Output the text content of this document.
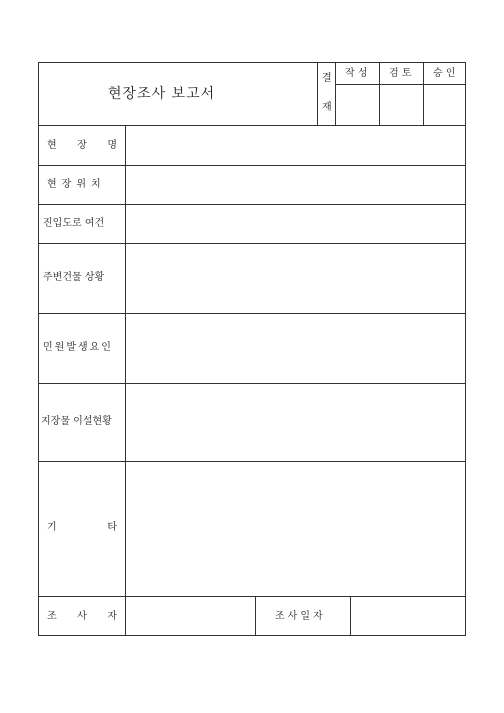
현장조사 보고서
결
재
작 성 검 토 승 인
현 장 명
현장위치
진입도로 여건
주변건물 상황
민원발생요인
지장물 이설현황
기	타
조 사 자	조사일자
